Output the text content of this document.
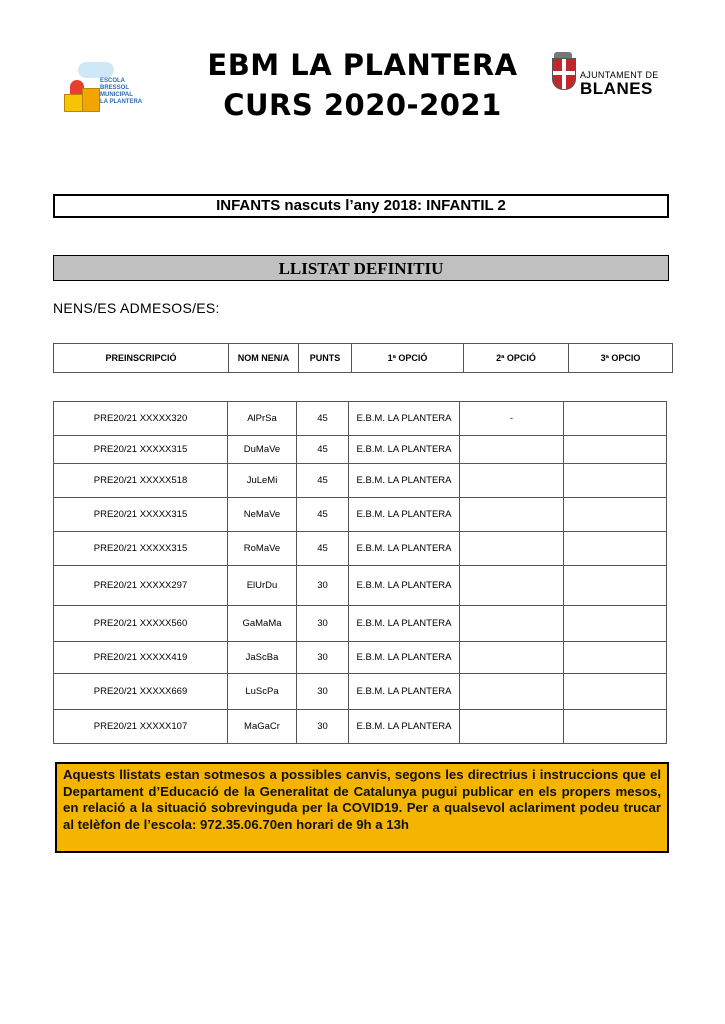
EBM LA PLANTERA
CURS 2020-2021
ESCOLA
BRESSOL
MUNICIPAL
LA PLANTERA
AJUNTAMENT DE
BLANES
INFANTS nascuts l’any 2018: INFANTIL 2
LLISTAT DEFINITIU
NENS/ES ADMESOS/ES:
PREINSCRIPCIÓ	NOM NEN/A	PUNTS	1ª OPCIÓ	2ª OPCIÓ	3ª OPCIO
PRE20/21 XXXXX320	AlPrSa	45	E.B.M. LA PLANTERA	-	
PRE20/21 XXXXX315	DuMaVe	45	E.B.M. LA PLANTERA		
PRE20/21 XXXXX518	JuLeMi	45	E.B.M. LA PLANTERA		
PRE20/21 XXXXX315	NeMaVe	45	E.B.M. LA PLANTERA		
PRE20/21 XXXXX315	RoMaVe	45	E.B.M. LA PLANTERA		
PRE20/21 XXXXX297	ElUrDu	30	E.B.M. LA PLANTERA		
PRE20/21 XXXXX560	GaMaMa	30	E.B.M. LA PLANTERA		
PRE20/21 XXXXX419	JaScBa	30	E.B.M. LA PLANTERA		
PRE20/21 XXXXX669	LuScPa	30	E.B.M. LA PLANTERA		
PRE20/21 XXXXX107	MaGaCr	30	E.B.M. LA PLANTERA		
Aquests llistats estan sotmesos a possibles canvis, segons les directrius i instruccions que el Departament d’Educació de la Generalitat de Catalunya pugui publicar en els propers mesos, en relació a la situació sobrevinguda per la COVID19. Per a qualsevol aclariment podeu trucar al telèfon de l’escola: 972.35.06.70en horari de 9h a 13h
